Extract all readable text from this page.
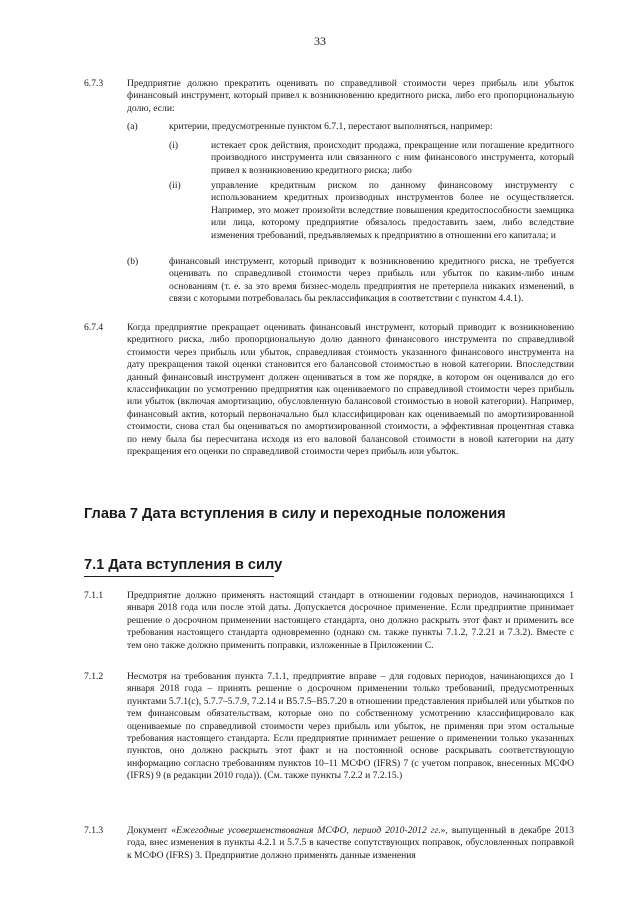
33
6.7.3 Предприятие должно прекратить оценивать по справедливой стоимости через прибыль или убыток финансовый инструмент, который привел к возникновению кредитного риска, либо его пропорциональную долю, если:
(a)	критерии, предусмотренные пунктом 6.7.1, перестают выполняться, например:
(i)	истекает срок действия, происходит продажа, прекращение или погашение кредитного производного инструмента или связанного с ним финансового инструмента, который привел к возникновению кредитного риска; либо
(ii)	управление кредитным риском по данному финансовому инструменту с использованием кредитных производных инструментов более не осуществляется. Например, это может произойти вследствие повышения кредитоспособности заемщика или лица, которому предприятие обязалось предоставить заем, либо вследствие изменения требований, предъявляемых к предприятию в отношении его капитала; и
(b)	финансовый инструмент, который приводит к возникновению кредитного риска, не требуется оценивать по справедливой стоимости через прибыль или убыток по каким-либо иным основаниям (т. е. за это время бизнес-модель предприятия не претерпела никаких изменений, в связи с которыми потребовалась бы реклассификация в соответствии с пунктом 4.4.1).
6.7.4 Когда предприятие прекращает оценивать финансовый инструмент, который приводит к возникновению кредитного риска, либо пропорциональную долю данного финансового инструмента по справедливой стоимости через прибыль или убыток, справедливая стоимость указанного финансового инструмента на дату прекращения такой оценки становится его балансовой стоимостью в новой категории. Впоследствии данный финансовый инструмент должен оцениваться в том же порядке, в котором он оценивался до его классификации по усмотрению предприятия как оцениваемого по справедливой стоимости через прибыль или убыток (включая амортизацию, обусловленную балансовой стоимостью в новой категории). Например, финансовый актив, который первоначально был классифицирован как оцениваемый по амортизированной стоимости, снова стал бы оцениваться по амортизированной стоимости, а эффективная процентная ставка по нему была бы пересчитана исходя из его валовой балансовой стоимости в новой категории на дату прекращения его оценки по справедливой стоимости через прибыль или убыток.
Глава 7 Дата вступления в силу и переходные положения
7.1 Дата вступления в силу
7.1.1 Предприятие должно применять настоящий стандарт в отношении годовых периодов, начинающихся 1 января 2018 года или после этой даты. Допускается досрочное применение. Если предприятие принимает решение о досрочном применении настоящего стандарта, оно должно раскрыть этот факт и применить все требования настоящего стандарта одновременно (однако см. также пункты 7.1.2, 7.2.21 и 7.3.2). Вместе с тем оно также должно применить поправки, изложенные в Приложении С.
7.1.2 Несмотря на требования пункта 7.1.1, предприятие вправе – для годовых периодов, начинающихся до 1 января 2018 года – принять решение о досрочном применении только требований, предусмотренных пунктами 5.7.1(c), 5.7.7–5.7.9, 7.2.14 и B5.7.5–B5.7.20 в отношении представления прибылей или убытков по тем финансовым обязательствам, которые оно по собственному усмотрению классифицировало как оцениваемые по справедливой стоимости через прибыль или убыток, не применяя при этом остальные требования настоящего стандарта. Если предприятие принимает решение о применении только указанных пунктов, оно должно раскрыть этот факт и на постоянной основе раскрывать соответствующую информацию согласно требованиям пунктов 10–11 МСФО (IFRS) 7 (с учетом поправок, внесенных МСФО (IFRS) 9 (в редакции 2010 года)). (См. также пункты 7.2.2 и 7.2.15.)
7.1.3 Документ «Ежегодные усовершенствования МСФО, период 2010-2012 гг.», выпущенный в декабре 2013 года, внес изменения в пункты 4.2.1 и 5.7.5 в качестве сопутствующих поправок, обусловленных поправкой к МСФО (IFRS) 3. Предприятие должно применять данные изменения
